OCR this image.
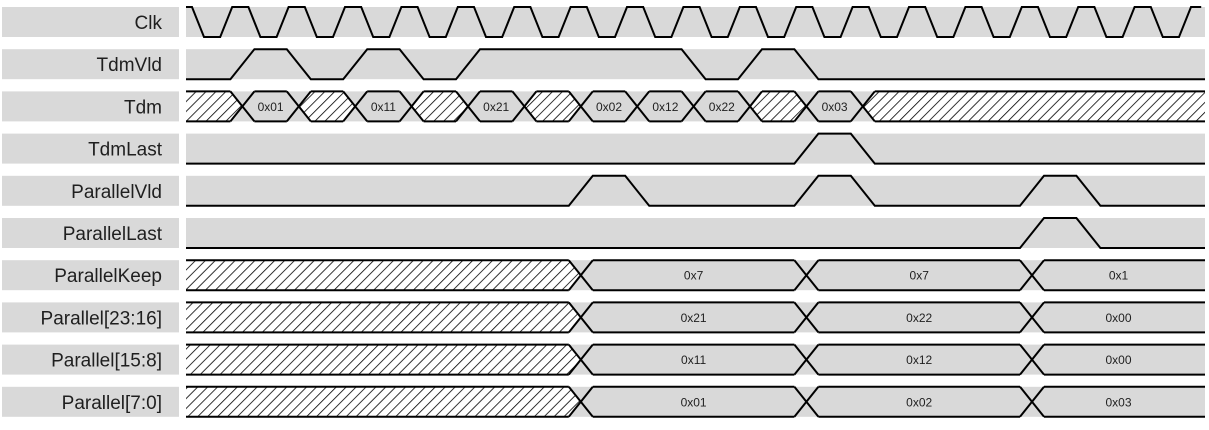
Clk
TdmVld
Tdm	0x01	0x11	0x21	0x02	0x12	0x22	0x03
TdmLast
ParallelVld
ParallelLast
ParallelKeep	0x7	0x7	0x1
Parallel[23:16]	0x21	0x22	0x00
Parallel[15:8]	0x11	0x12	0x00
Parallel[7:0]	0x01	0x02	0x03
